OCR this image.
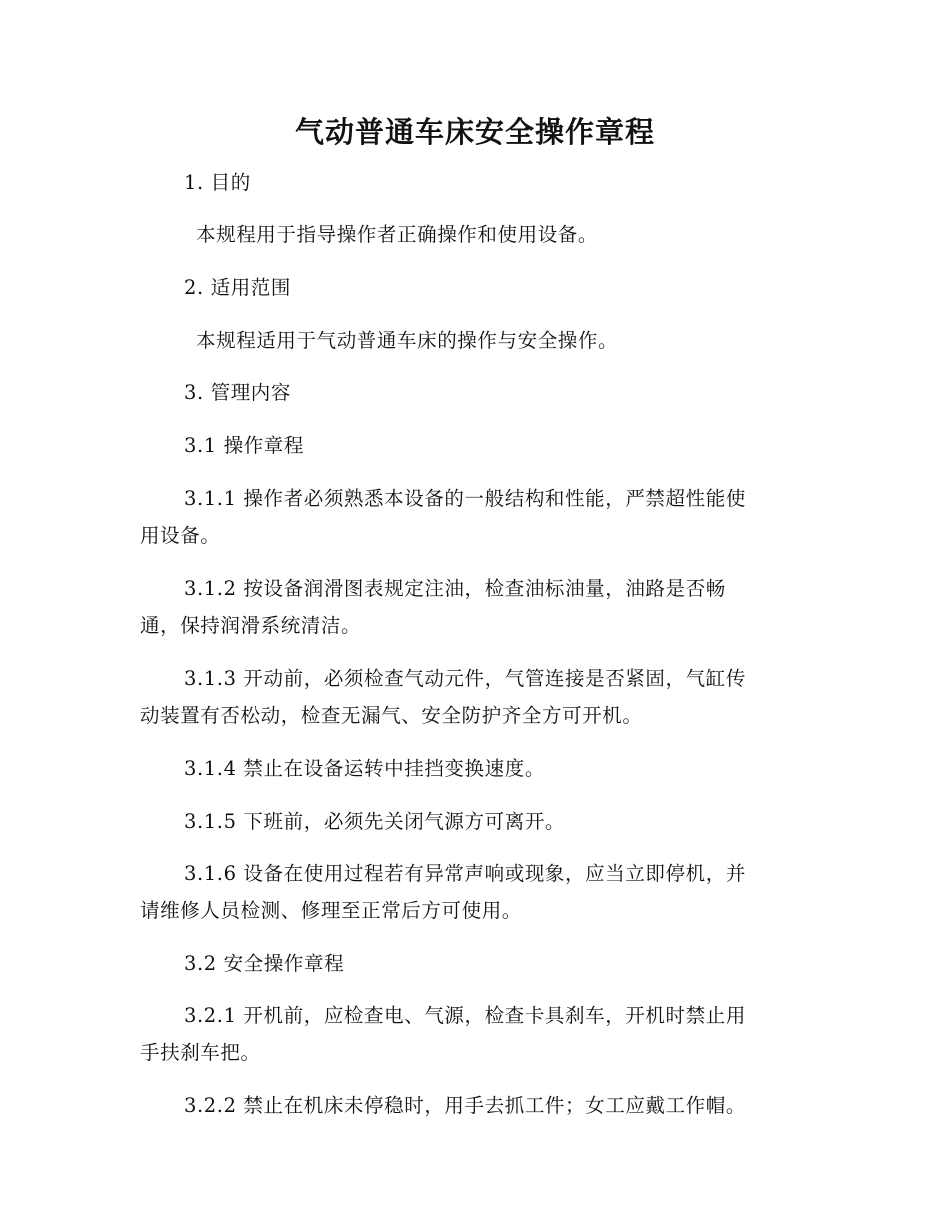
气动普通车床安全操作章程
1. 目的
本规程用于指导操作者正确操作和使用设备。
2. 适用范围
本规程适用于气动普通车床的操作与安全操作。
3. 管理内容
3.1 操作章程
3.1.1 操作者必须熟悉本设备的一般结构和性能，严禁超性能使
用设备。
3.1.2 按设备润滑图表规定注油，检查油标油量，油路是否畅
通，保持润滑系统清洁。
3.1.3 开动前，必须检查气动元件，气管连接是否紧固，气缸传
动装置有否松动，检查无漏气、安全防护齐全方可开机。
3.1.4 禁止在设备运转中挂挡变换速度。
3.1.5 下班前，必须先关闭气源方可离开。
3.1.6 设备在使用过程若有异常声响或现象，应当立即停机，并
请维修人员检测、修理至正常后方可使用。
3.2 安全操作章程
3.2.1 开机前，应检查电、气源，检查卡具刹车，开机时禁止用
手扶刹车把。
3.2.2 禁止在机床未停稳时，用手去抓工件；女工应戴工作帽。
